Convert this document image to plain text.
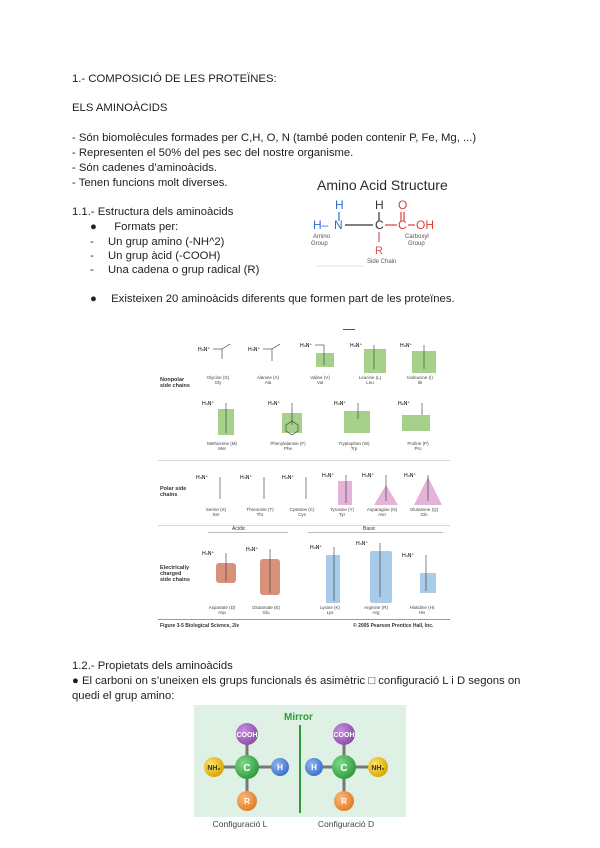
1.- COMPOSICIÓ DE LES PROTEÏNES:
ELS AMINOÀCIDS
- Són biomolècules formades per C,H, O, N (també poden contenir P, Fe, Mg, ...)
- Representen el 50% del pes sec del nostre organisme.
- Són cadenes d’aminoàcids.
- Tenen funcions molt diverses.
1.1.- Estructura dels aminoàcids
● Formats per:
- Un grup amino (-NH^2)
- Un grup àcid (-COOH)
- Una cadena o grup radical (R)
● Existeixen 20 aminoàcids diferents que formen part de les proteïnes.
Amino Acid Structure
H	H O
H– N	C C OH
R
Amino Group
Carboxyl Group
Side Chain
Nonpolar
side chains
Polar side
chains
Electrically
charged
side chains
Acidic	Basic
H₃N⁺
Glycine (G)
Gly
H₃N⁺
Alanine (A)
Ala
H₃N⁺
Valine (V)
Val
H₃N⁺
Leucine (L)
Leu
H₃N⁺
Isoleucine (I)
Ile
H₃N⁺
Methionine (M)
Met
H₃N⁺
Phenylalanine (F)
Phe
H₃N⁺
Tryptophan (W)
Trp
H₂N⁺
Proline (P)
Pro
H₃N⁺
Serine (S)
Ser
H₃N⁺
Threonine (T)
Thr
H₃N⁺
Cysteine (C)
Cys
H₃N⁺
Tyrosine (Y)
Tyr
H₃N⁺
Asparagine (N)
Asn
H₃N⁺
Glutamine (Q)
Gln
H₃N⁺
Aspartate (D)
Asp
H₃N⁺
Glutamate (E)
Glu
H₃N⁺
Lysine (K)
Lys
H₃N⁺
Arginine (R)
Arg
H₃N⁺
Histidine (H)
His
Figure 3-5 Biological Science, 2/e	© 2005 Pearson Prentice Hall, Inc.
1.2.- Propietats dels aminoàcids
● El carboni on s’uneixen els grups funcionals és asimètric □ configuració L i D segons on
quedi el grup amino:
Mirror
COOH
NH₂ C	H
R
COOH
H C	NH₂
R
Configuració L	Configuració D
